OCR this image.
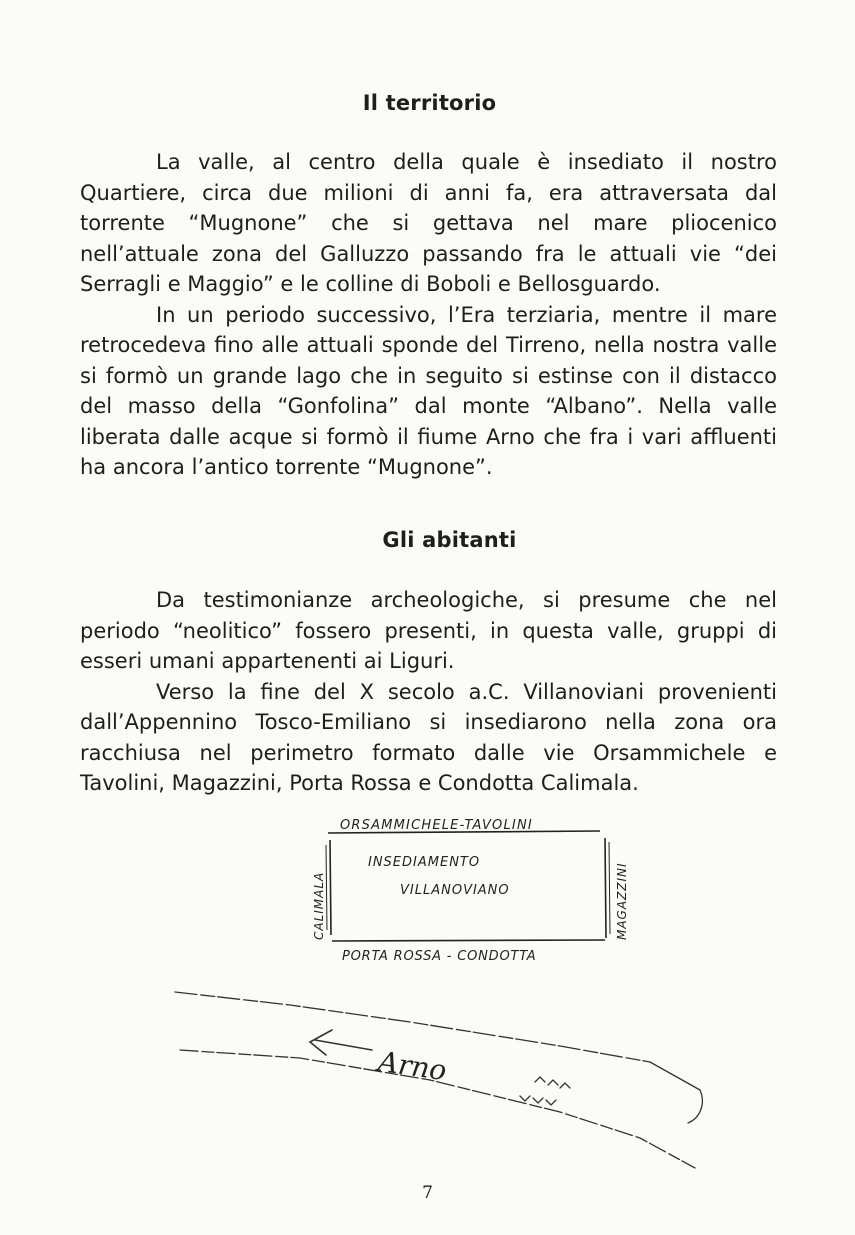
Il territorio

La valle, al centro della quale è insediato il nostro Quartiere, circa due milioni di anni fa, era attraversata dal torrente “Mugnone” che si gettava nel mare pliocenico nell’attuale zona del Galluzzo passando fra le attuali vie “dei Serragli e Maggio” e le colline di Boboli e Bellosguardo.

In un periodo successivo, l’Era terziaria, mentre il mare retrocedeva fino alle attuali sponde del Tirreno, nella nostra valle si formò un grande lago che in seguito si estinse con il distacco del masso della “Gonfolina” dal monte “Albano”. Nella valle liberata dalle acque si formò il fiume Arno che fra i vari affluenti ha ancora l’antico torrente “Mugnone”.

Gli abitanti

Da testimonianze archeologiche, si presume che nel periodo “neolitico” fossero presenti, in questa valle, gruppi di esseri umani appartenenti ai Liguri.

Verso la fine del X secolo a.C. Villanoviani provenienti dall’Appennino Tosco-Emiliano si insediarono nella zona ora racchiusa nel perimetro formato dalle vie Orsammichele e Tavolini, Magazzini, Porta Rossa e Condotta Calimala.

ORSAMMICHELE-TAVOLINI
PORTA ROSSA - CONDOTTA
CALIMALA	MAGAZZINI
INSEDIAMENTO
VILLANOVIANO
Arno
7
